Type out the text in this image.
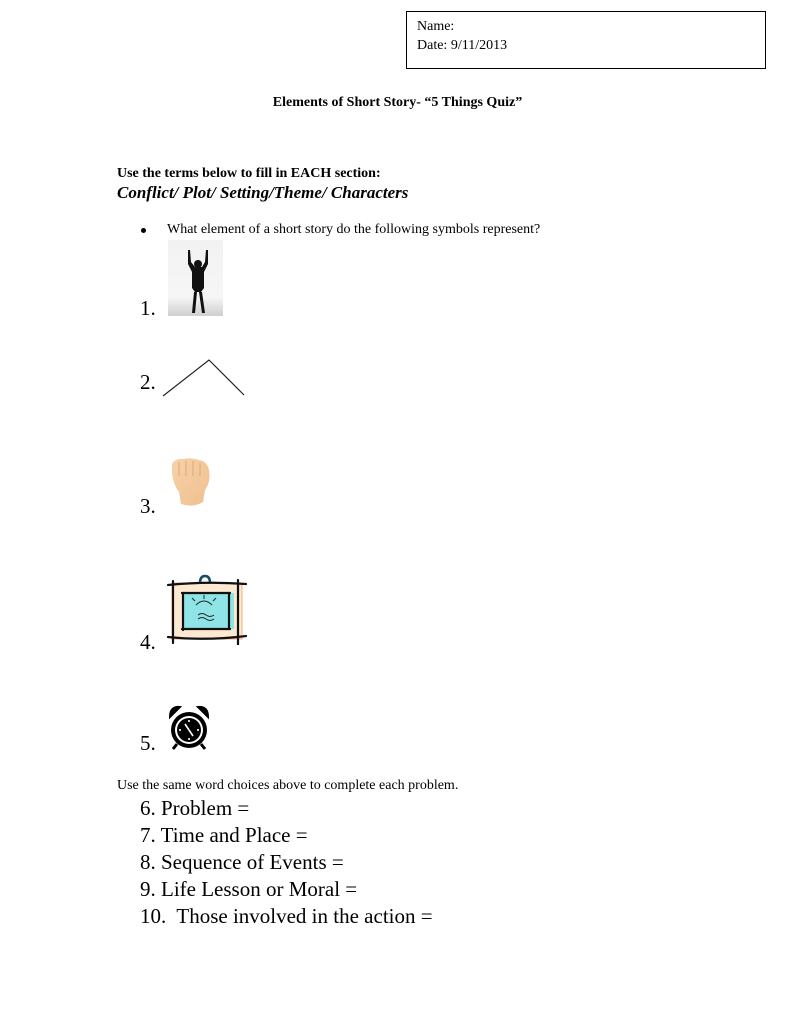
Name:
Date: 9/11/2013
Elements of Short Story- “5 Things Quiz”
Use the terms below to fill in EACH section:
Conflict/ Plot/ Setting/Theme/ Characters
What element of a short story do the following symbols represent?
1.
2.
3.
4.
5.
Use the same word choices above to complete each problem.
6. Problem =
7. Time and Place =
8. Sequence of Events =
9. Life Lesson or Moral =
10.  Those involved in the action =
